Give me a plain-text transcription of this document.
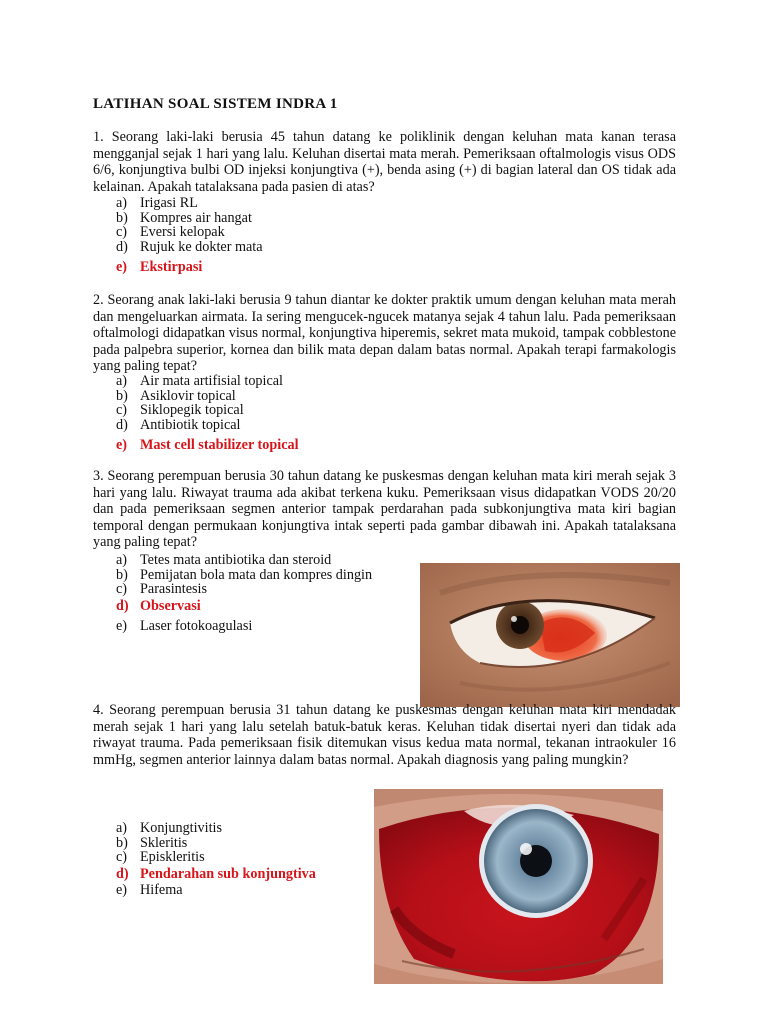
LATIHAN SOAL SISTEM INDRA 1

1. Seorang laki-laki berusia 45 tahun datang ke poliklinik dengan keluhan mata kanan terasa mengganjal sejak 1 hari yang lalu. Keluhan disertai mata merah. Pemeriksaan oftalmologis visus ODS 6/6, konjungtiva bulbi OD injeksi konjungtiva (+), benda asing (+) di bagian lateral dan OS tidak ada kelainan. Apakah tatalaksana pada pasien di atas?

a) Irigasi RL
b) Kompres air hangat
c) Eversi kelopak
d) Rujuk ke dokter mata
e) Ekstirpasi

2. Seorang anak laki-laki berusia 9 tahun diantar ke dokter praktik umum dengan keluhan mata merah dan mengeluarkan airmata. Ia sering mengucek-ngucek matanya sejak 4 tahun lalu. Pada pemeriksaan oftalmologi didapatkan visus normal, konjungtiva hiperemis, sekret mata mukoid, tampak cobblestone pada palpebra superior, kornea dan bilik mata depan dalam batas normal. Apakah terapi farmakologis yang paling tepat?

a) Air mata artifisial topical
b) Asiklovir topical
c) Siklopegik topical
d) Antibiotik topical
e) Mast cell stabilizer topical

3. Seorang perempuan berusia 30 tahun datang ke puskesmas dengan keluhan mata kiri merah sejak 3 hari yang lalu. Riwayat trauma ada akibat terkena kuku. Pemeriksaan visus didapatkan VODS 20/20 dan pada pemeriksaan segmen anterior tampak perdarahan pada subkonjungtiva mata kiri bagian temporal dengan permukaan konjungtiva intak seperti pada gambar dibawah ini. Apakah tatalaksana yang paling tepat?

a) Tetes mata antibiotika dan steroid
b) Pemijatan bola mata dan kompres dingin
c) Parasintesis
d) Observasi
e) Laser fotokoagulasi

4. Seorang perempuan berusia 31 tahun datang ke puskesmas dengan keluhan mata kiri mendadak merah sejak 1 hari yang lalu setelah batuk-batuk keras. Keluhan tidak disertai nyeri dan tidak ada riwayat trauma. Pada pemeriksaan fisik ditemukan visus kedua mata normal, tekanan intraokuler 16 mmHg, segmen anterior lainnya dalam batas normal. Apakah diagnosis yang paling mungkin?

a) Konjungtivitis
b) Skleritis
c) Episkleritis
d) Pendarahan sub konjungtiva
e) Hifema
